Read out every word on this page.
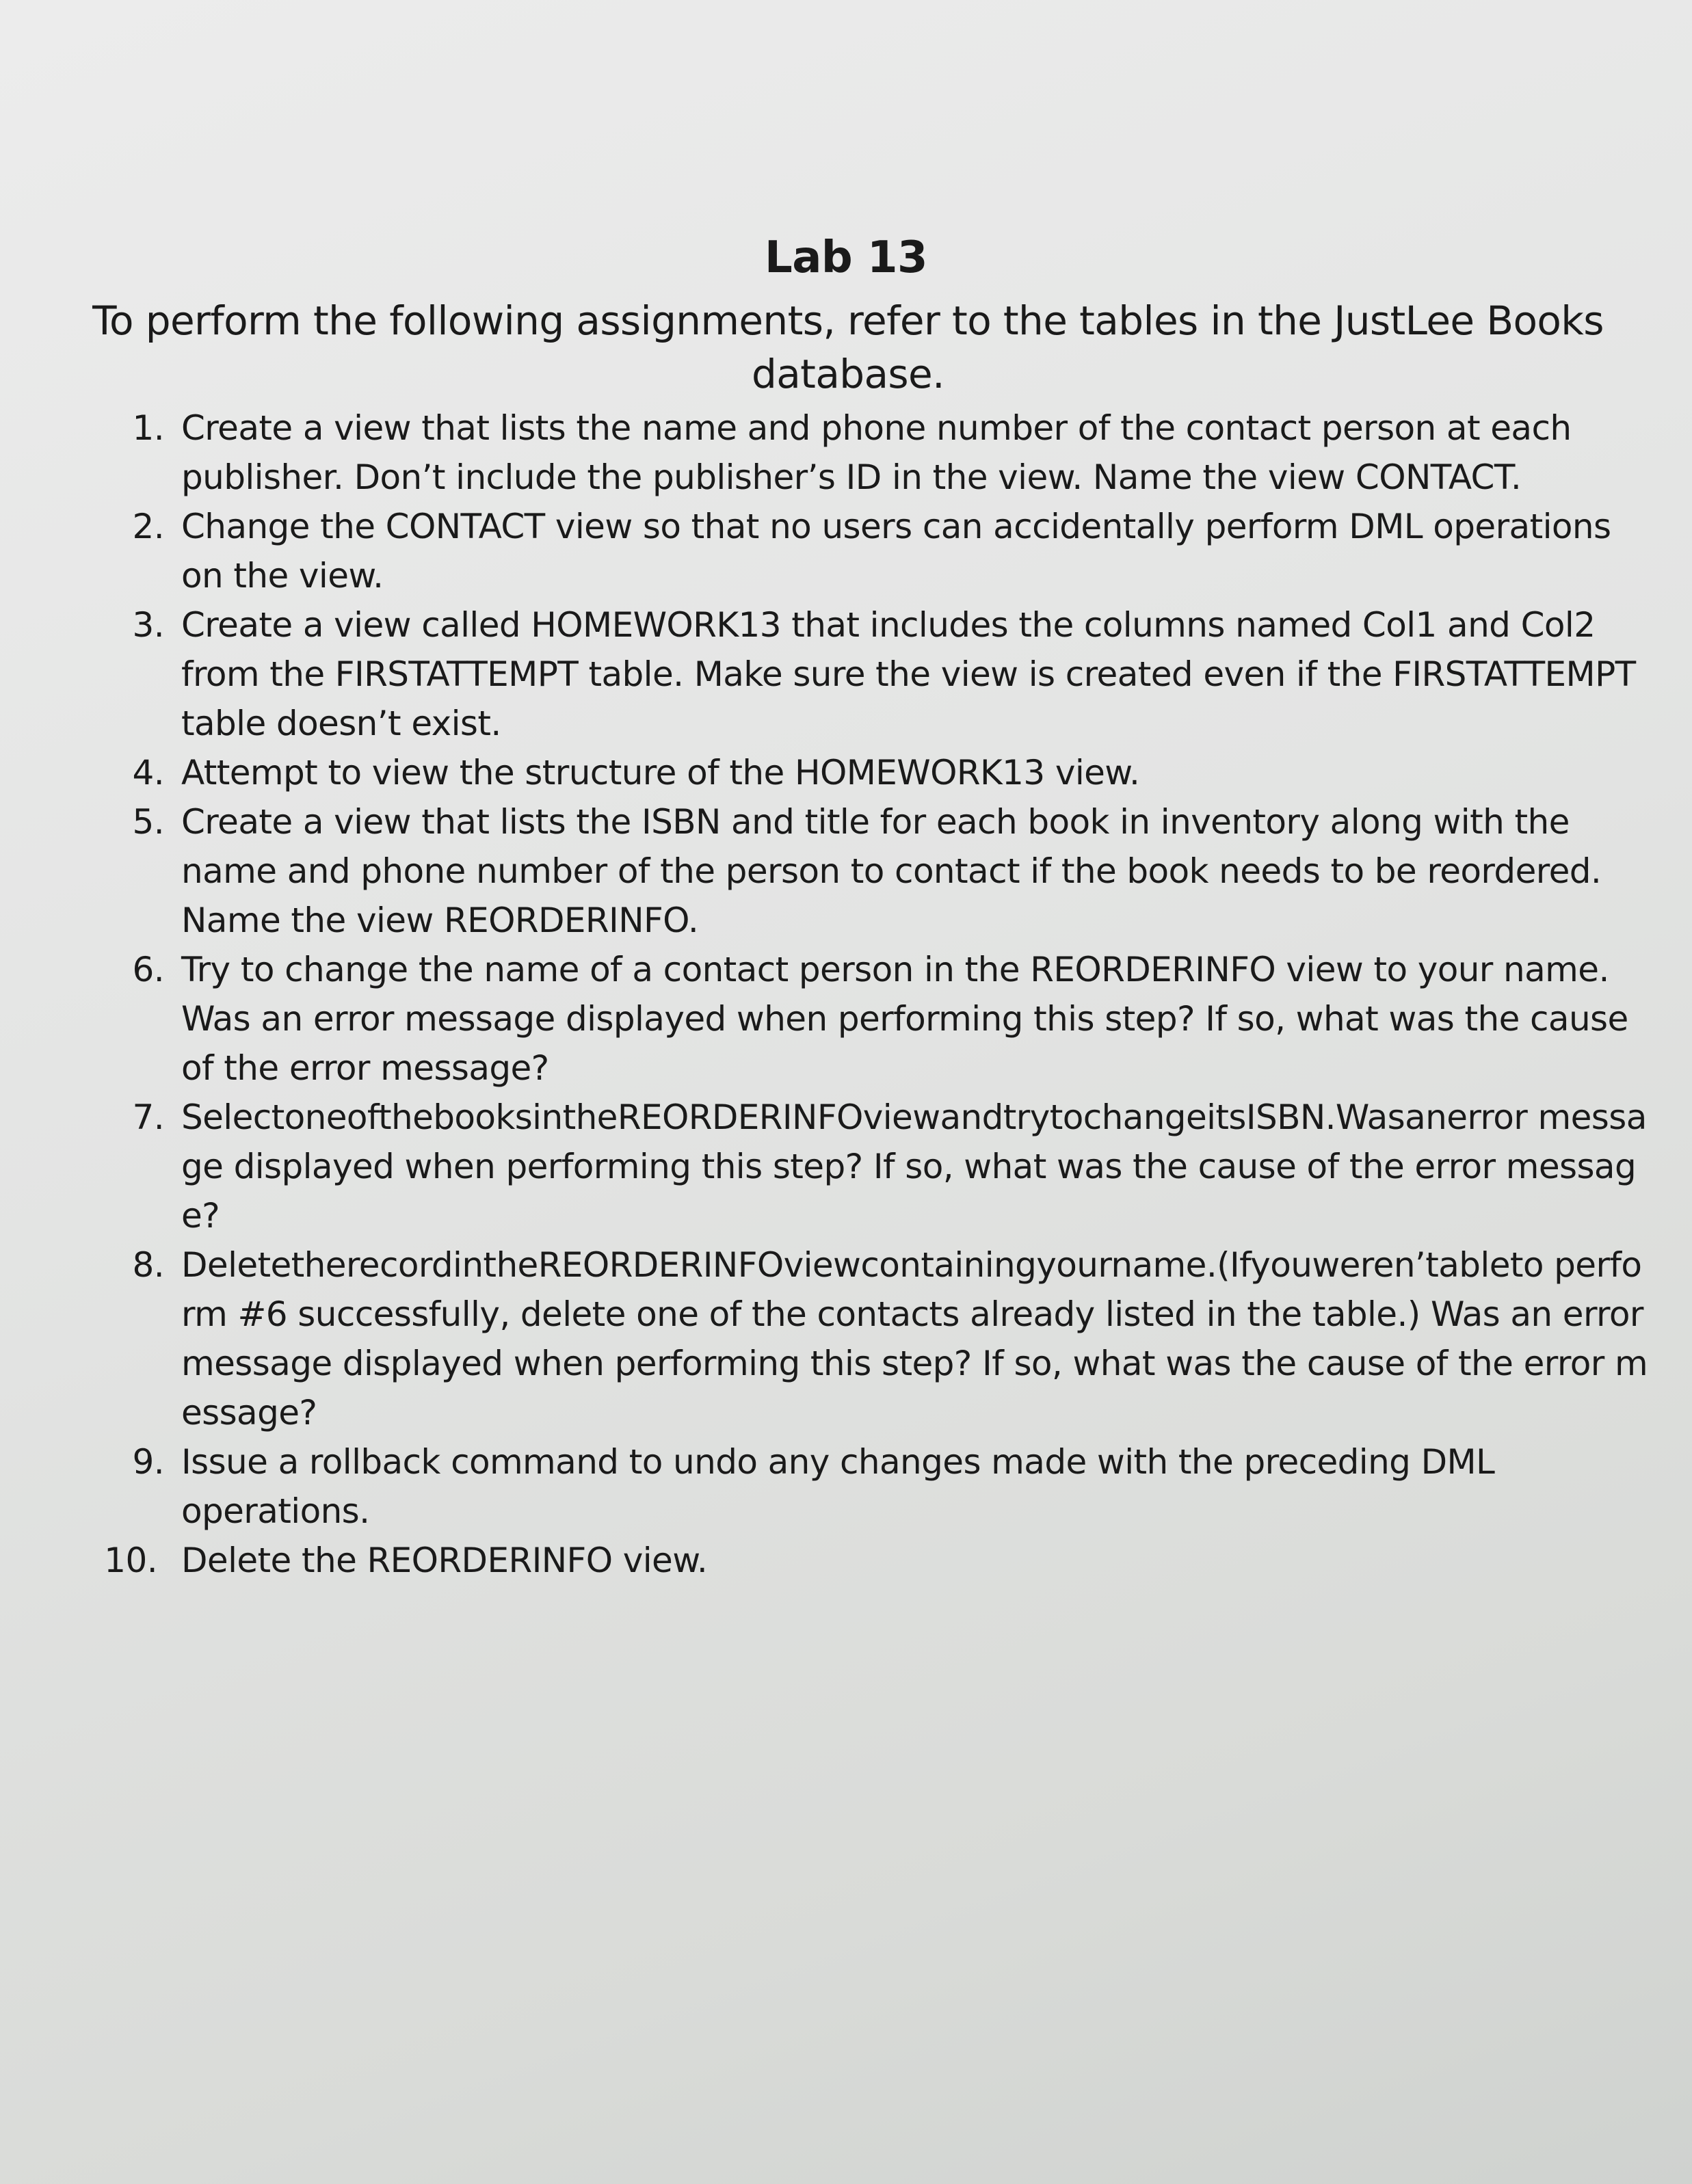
Lab 13
To perform the following assignments, refer to the tables in the JustLee Books database.
1. Create a view that lists the name and phone number of the contact person at each publisher. Don’t include the publisher’s ID in the view. Name the view CONTACT.
2. Change the CONTACT view so that no users can accidentally perform DML operations on the view.
3. Create a view called HOMEWORK13 that includes the columns named Col1 and Col2 from the FIRSTATTEMPT table. Make sure the view is created even if the FIRSTATTEMPT table doesn’t exist.
4. Attempt to view the structure of the HOMEWORK13 view.
5. Create a view that lists the ISBN and title for each book in inventory along with the name and phone number of the person to contact if the book needs to be reordered. Name the view REORDERINFO.
6. Try to change the name of a contact person in the REORDERINFO view to your name. Was an error message displayed when performing this step? If so, what was the cause of the error message?
7. SelectoneofthebooksintheREORDERINFOviewandtrytochangeitsISBN.Wasanerror message displayed when performing this step? If so, what was the cause of the error message?
8. DeletetherecordintheREORDERINFOviewcontainingyourname.(Ifyouweren’tableto perform #6 successfully, delete one of the contacts already listed in the table.) Was an error message displayed when performing this step? If so, what was the cause of the error message?
9. Issue a rollback command to undo any changes made with the preceding DML operations.
10. Delete the REORDERINFO view.
